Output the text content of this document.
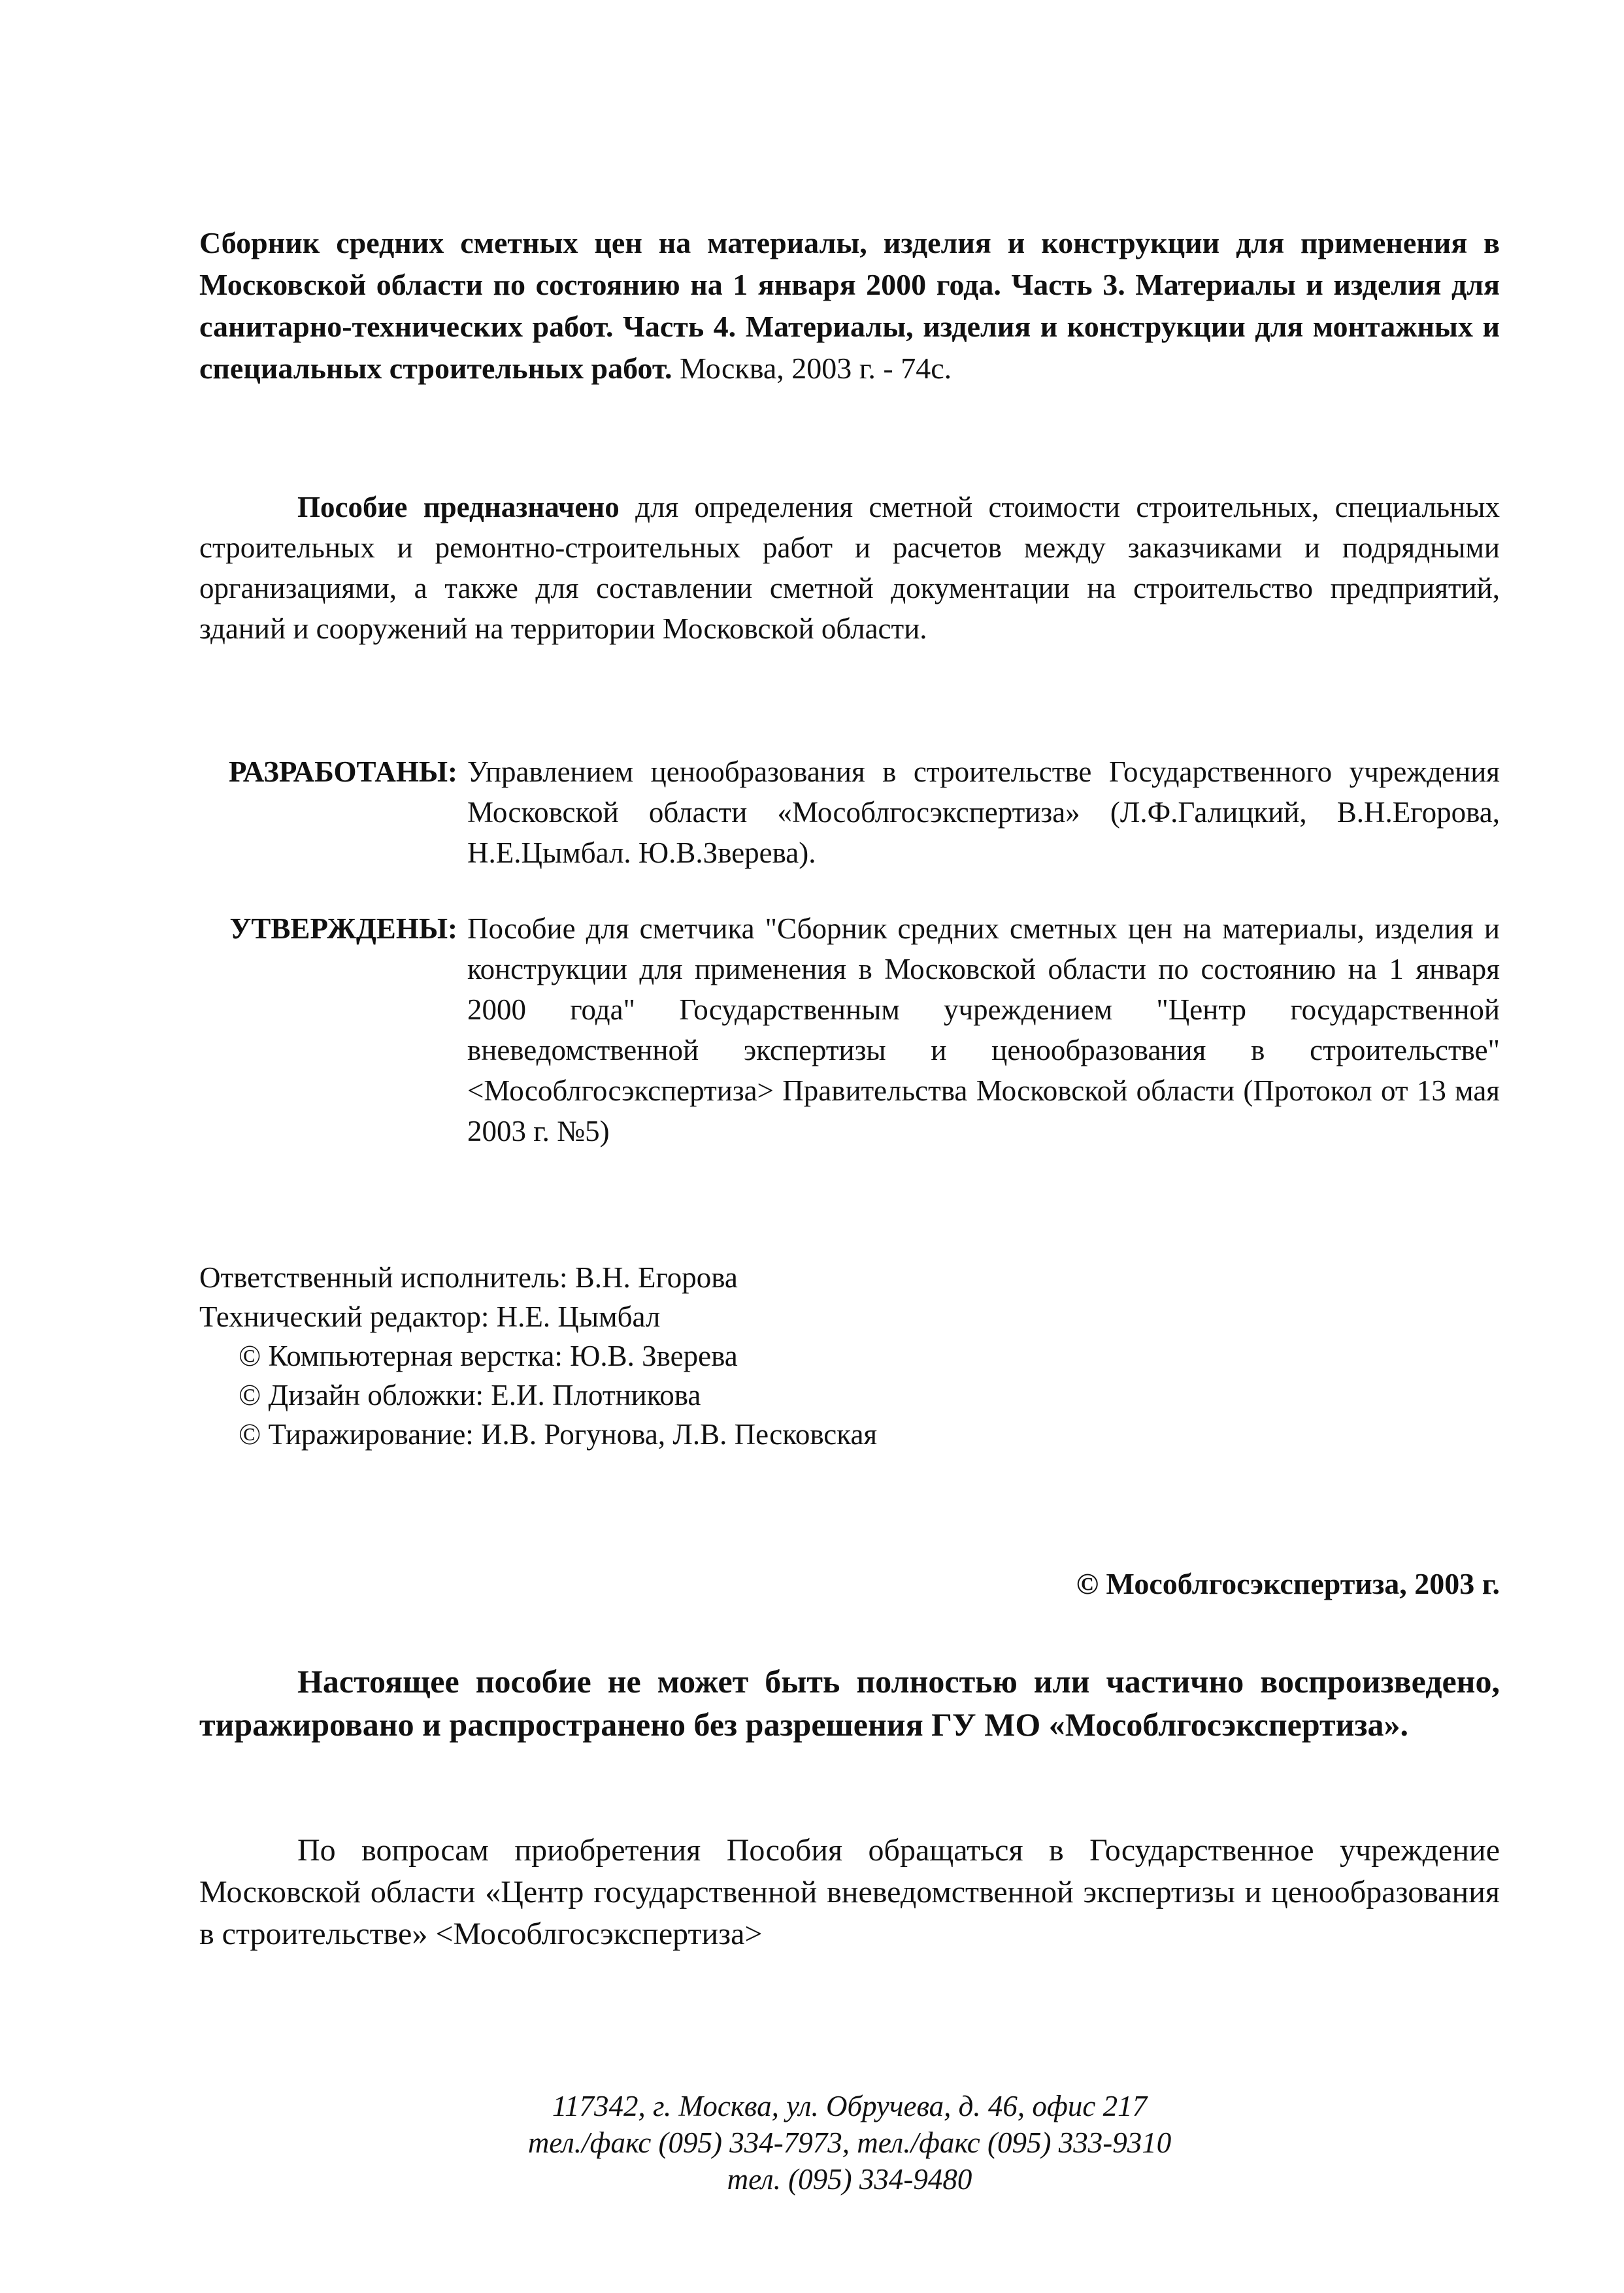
Сборник средних сметных цен на материалы, изделия и конструкции для применения в Московской области по состоянию на 1 января 2000 года. Часть 3. Материалы и изделия для санитарно-технических работ. Часть 4. Материалы, изделия и конструкции для монтажных и специальных строительных работ. Москва, 2003 г. - 74с.
Пособие предназначено для определения сметной стоимости строительных, специальных строительных и ремонтно-строительных работ и расчетов между заказчиками и подрядными организациями, а также для составлении сметной документации на строительство предприятий, зданий и сооружений на территории Московской области.
РАЗРАБОТАНЫ: Управлением ценообразования в строительстве Государственного учреждения Московской области «Мособлгосэкспертиза» (Л.Ф.Галицкий, В.Н.Егорова, Н.Е.Цымбал. Ю.В.Зверева).
УТВЕРЖДЕНЫ: Пособие для сметчика "Сборник средних сметных цен на материалы, изделия и конструкции для применения в Московской области по состоянию на 1 января 2000 года" Государственным учреждением "Центр государственной вневедомственной экспертизы и ценообразования в строительстве" <Мособлгосэкспертиза> Правительства Московской области (Протокол от 13 мая 2003 г. №5)
Ответственный исполнитель: В.Н. Егорова
Технический редактор: Н.Е. Цымбал
© Компьютерная верстка: Ю.В. Зверева
© Дизайн обложки: Е.И. Плотникова
© Тиражирование: И.В. Рогунова, Л.В. Песковская
© Мособлгосэкспертиза, 2003 г.
Настоящее пособие не может быть полностью или частично воспроизведено, тиражировано и распространено без разрешения ГУ МО «Мособлгосэкспертиза».
По вопросам приобретения Пособия обращаться в Государственное учреждение Московской области «Центр государственной вневедомственной экспертизы и ценообразования в строительстве» <Мособлгосэкспертиза>
117342, г. Москва, ул. Обручева, д. 46, офис 217
тел./факс (095) 334-7973, тел./факс (095) 333-9310
тел. (095) 334-9480
